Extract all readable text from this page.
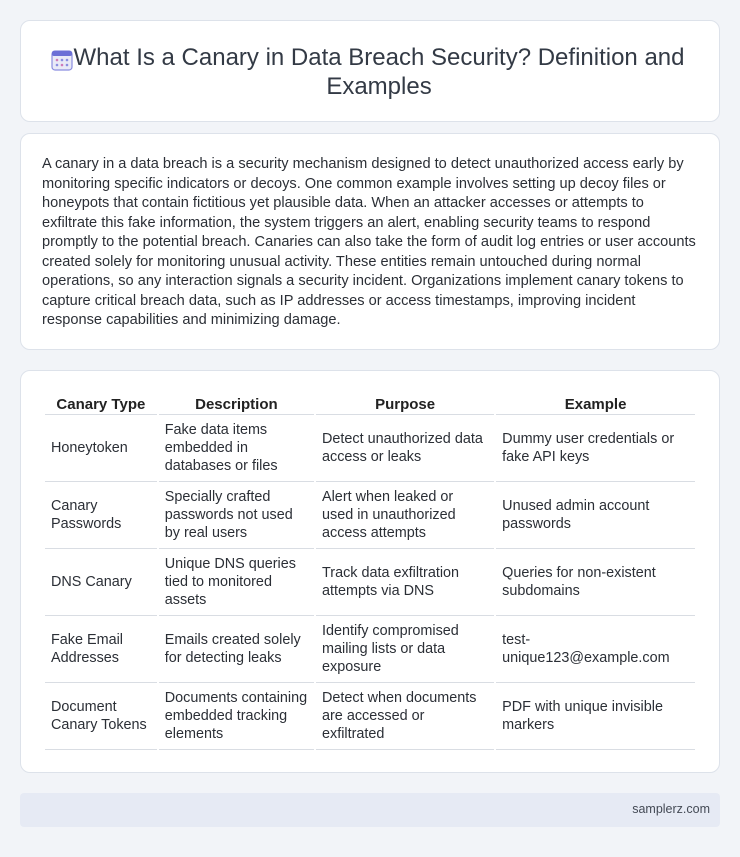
What Is a Canary in Data Breach Security? Definition and Examples

A canary in a data breach is a security mechanism designed to detect unauthorized access early by monitoring specific indicators or decoys. One common example involves setting up decoy files or honeypots that contain fictitious yet plausible data. When an attacker accesses or attempts to exfiltrate this fake information, the system triggers an alert, enabling security teams to respond promptly to the potential breach. Canaries can also take the form of audit log entries or user accounts created solely for monitoring unusual activity. These entities remain untouched during normal operations, so any interaction signals a security incident. Organizations implement canary tokens to capture critical breach data, such as IP addresses or access timestamps, improving incident response capabilities and minimizing damage.

Canary Type	Description	Purpose	Example
Honeytoken	Fake data items embedded in databases or files	Detect unauthorized data access or leaks	Dummy user credentials or fake API keys
Canary Passwords	Specially crafted passwords not used by real users	Alert when leaked or used in unauthorized access attempts	Unused admin account passwords
DNS Canary	Unique DNS queries tied to monitored assets	Track data exfiltration attempts via DNS	Queries for non-existent subdomains
Fake Email Addresses	Emails created solely for detecting leaks	Identify compromised mailing lists or data exposure	test-unique123@example.com
Document Canary Tokens	Documents containing embedded tracking elements	Detect when documents are accessed or exfiltrated	PDF with unique invisible markers
samplerz.com
